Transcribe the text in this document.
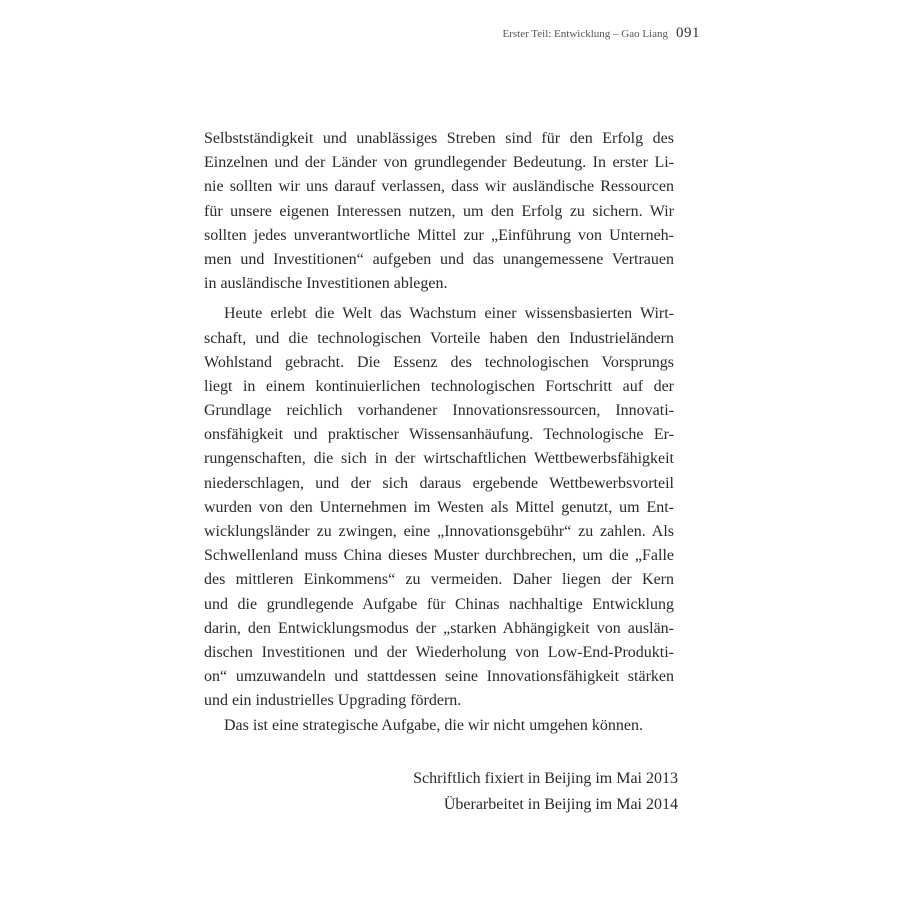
Erster Teil: Entwicklung – Gao Liang 091
Selbstständigkeit und unablässiges Streben sind für den Erfolg des
Einzelnen und der Länder von grundlegender Bedeutung. In erster Li-
nie sollten wir uns darauf verlassen, dass wir ausländische Ressourcen
für unsere eigenen Interessen nutzen, um den Erfolg zu sichern. Wir
sollten jedes unverantwortliche Mittel zur „Einführung von Unterneh-
men und Investitionen“ aufgeben und das unangemessene Vertrauen
in ausländische Investitionen ablegen.
Heute erlebt die Welt das Wachstum einer wissensbasierten Wirt-
schaft, und die technologischen Vorteile haben den Industrieländern
Wohlstand gebracht. Die Essenz des technologischen Vorsprungs
liegt in einem kontinuierlichen technologischen Fortschritt auf der
Grundlage reichlich vorhandener Innovationsressourcen, Innovati-
onsfähigkeit und praktischer Wissensanhäufung. Technologische Er-
rungenschaften, die sich in der wirtschaftlichen Wettbewerbsfähigkeit
niederschlagen, und der sich daraus ergebende Wettbewerbsvorteil
wurden von den Unternehmen im Westen als Mittel genutzt, um Ent-
wicklungsländer zu zwingen, eine „Innovationsgebühr“ zu zahlen. Als
Schwellenland muss China dieses Muster durchbrechen, um die „Falle
des mittleren Einkommens“ zu vermeiden. Daher liegen der Kern
und die grundlegende Aufgabe für Chinas nachhaltige Entwicklung
darin, den Entwicklungsmodus der „starken Abhängigkeit von auslän-
dischen Investitionen und der Wiederholung von Low-End-Produkti-
on“ umzuwandeln und stattdessen seine Innovationsfähigkeit stärken
und ein industrielles Upgrading fördern.
Das ist eine strategische Aufgabe, die wir nicht umgehen können.
Schriftlich fixiert in Beijing im Mai 2013
Überarbeitet in Beijing im Mai 2014
